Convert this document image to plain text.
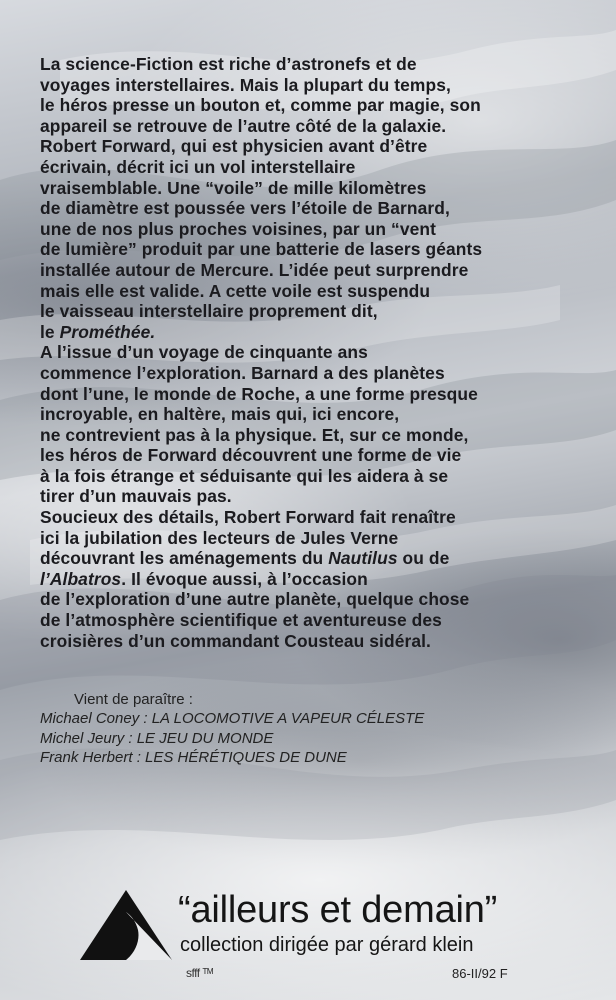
La science-Fiction est riche d’astronefs et de
voyages interstellaires. Mais la plupart du temps,
le héros presse un bouton et, comme par magie, son
appareil se retrouve de l’autre côté de la galaxie.
Robert Forward, qui est physicien avant d’être
écrivain, décrit ici un vol interstellaire
vraisemblable. Une “voile” de mille kilomètres
de diamètre est poussée vers l’étoile de Barnard,
une de nos plus proches voisines, par un “vent
de lumière” produit par une batterie de lasers géants
installée autour de Mercure. L’idée peut surprendre
mais elle est valide. A cette voile est suspendu
le vaisseau interstellaire proprement dit,
le Prométhée.
A l’issue d’un voyage de cinquante ans
commence l’exploration. Barnard a des planètes
dont l’une, le monde de Roche, a une forme presque
incroyable, en haltère, mais qui, ici encore,
ne contrevient pas à la physique. Et, sur ce monde,
les héros de Forward découvrent une forme de vie
à la fois étrange et séduisante qui les aidera à se
tirer d’un mauvais pas.
Soucieux des détails, Robert Forward fait renaître
ici la jubilation des lecteurs de Jules Verne
découvrant les aménagements du Nautilus ou de
l’Albatros. Il évoque aussi, à l’occasion
de l’exploration d’une autre planète, quelque chose
de l’atmosphère scientifique et aventureuse des
croisières d’un commandant Cousteau sidéral.
Vient de paraître :
Michael Coney : LA LOCOMOTIVE A VAPEUR CÉLESTE
Michel Jeury : LE JEU DU MONDE
Frank Herbert : LES HÉRÉTIQUES DE DUNE
“ailleurs et demain”
collection dirigée par gérard klein
sfff ᵀᴹ	86-II/92 F
